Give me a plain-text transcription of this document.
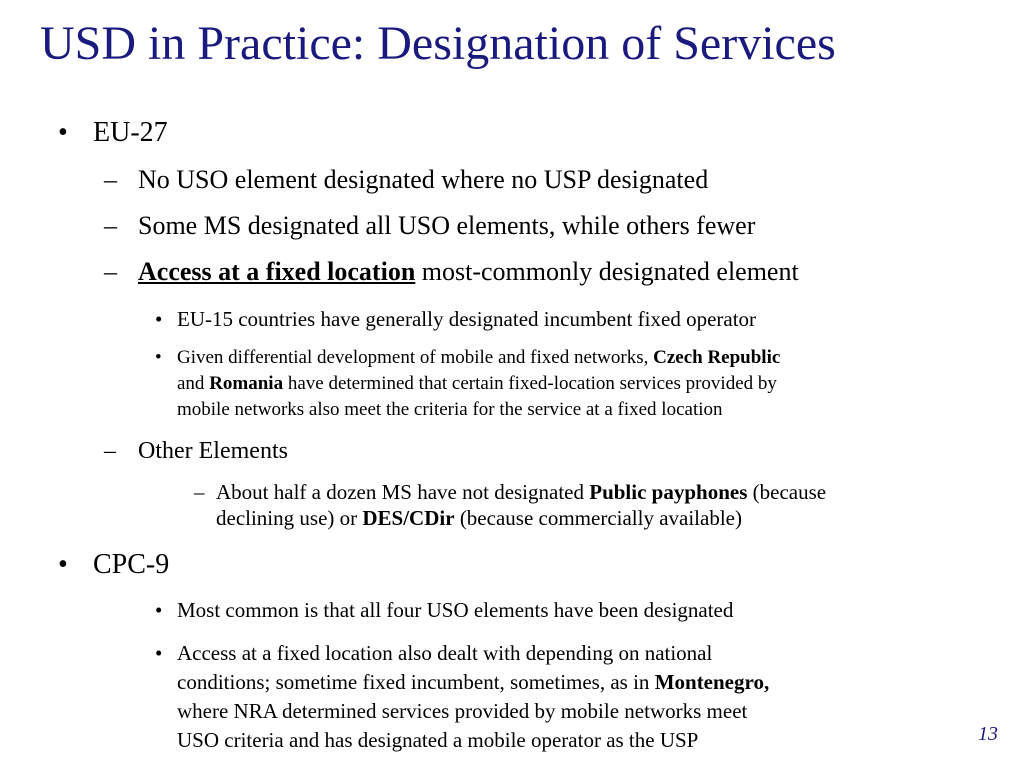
USD in Practice: Designation of Services
• EU-27
– No USO element designated where no USP designated
– Some MS designated all USO elements, while others fewer
– Access at a fixed location most-commonly designated element
• EU-15 countries have generally designated incumbent fixed operator
• Given differential development of mobile and fixed networks, Czech Republic
and Romania have determined that certain fixed-location services provided by
mobile networks also meet the criteria for the service at a fixed location
– Other Elements
– About half a dozen MS have not designated Public payphones (because
declining use) or DES/CDir (because commercially available)
• CPC-9
• Most common is that all four USO elements have been designated
• Access at a fixed location also dealt with depending on national
conditions; sometime fixed incumbent, sometimes, as in Montenegro,
where NRA determined services provided by mobile networks meet
USO criteria and has designated a mobile operator as the USP	13
